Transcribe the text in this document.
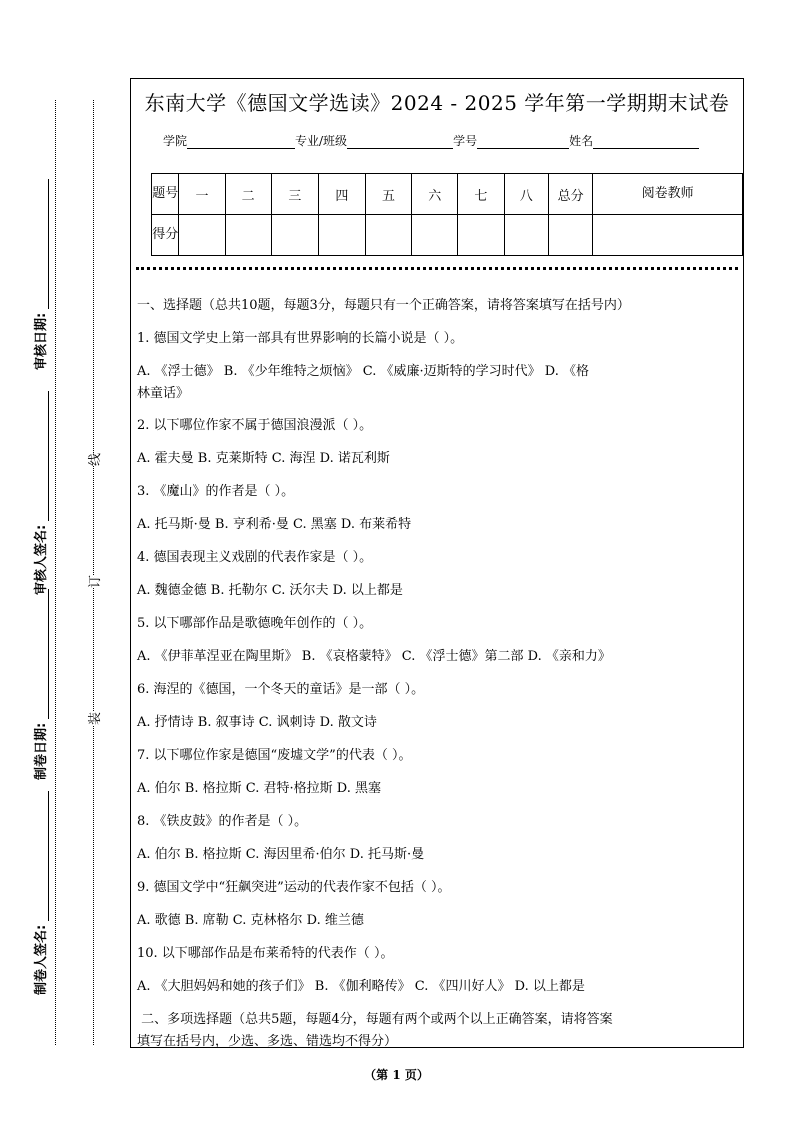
审核日期:
审核人签名:
制卷日期:
制卷人签名:
线
订
装
东南大学《德国文学选读》2024 - 2025 学年第一学期期末试卷
学院	专业/班级	学号	姓名
题号	一	二	三	四	五	六	七	八	总分	阅卷教师
得分										

一、选择题（总共10题，每题3分，每题只有一个正确答案，请将答案填写在括号内）

1. 德国文学史上第一部具有世界影响的长篇小说是（ ）。

A. 《浮士德》 B. 《少年维特之烦恼》 C. 《威廉·迈斯特的学习时代》 D. 《格

林童话》

2. 以下哪位作家不属于德国浪漫派（ ）。

A. 霍夫曼 B. 克莱斯特 C. 海涅 D. 诺瓦利斯

3. 《魔山》的作者是（ ）。

A. 托马斯·曼 B. 亨利希·曼 C. 黑塞 D. 布莱希特

4. 德国表现主义戏剧的代表作家是（ ）。

A. 魏德金德 B. 托勒尔 C. 沃尔夫 D. 以上都是

5. 以下哪部作品是歌德晚年创作的（ ）。

A. 《伊菲革涅亚在陶里斯》 B. 《哀格蒙特》 C. 《浮士德》第二部 D. 《亲和力》

6. 海涅的《德国，一个冬天的童话》是一部（ ）。

A. 抒情诗 B. 叙事诗 C. 讽刺诗 D. 散文诗

7. 以下哪位作家是德国“废墟文学”的代表（ ）。

A. 伯尔 B. 格拉斯 C. 君特·格拉斯 D. 黑塞

8. 《铁皮鼓》的作者是（ ）。

A. 伯尔 B. 格拉斯 C. 海因里希·伯尔 D. 托马斯·曼

9. 德国文学中“狂飙突进”运动的代表作家不包括（ ）。

A. 歌德 B. 席勒 C. 克林格尔 D. 维兰德

10. 以下哪部作品是布莱希特的代表作（ ）。

A. 《大胆妈妈和她的孩子们》 B. 《伽利略传》 C. 《四川好人》 D. 以上都是

二、多项选择题（总共5题，每题4分，每题有两个或两个以上正确答案，请将答案

填写在括号内，少选、多选、错选均不得分）

（第 1 页）
